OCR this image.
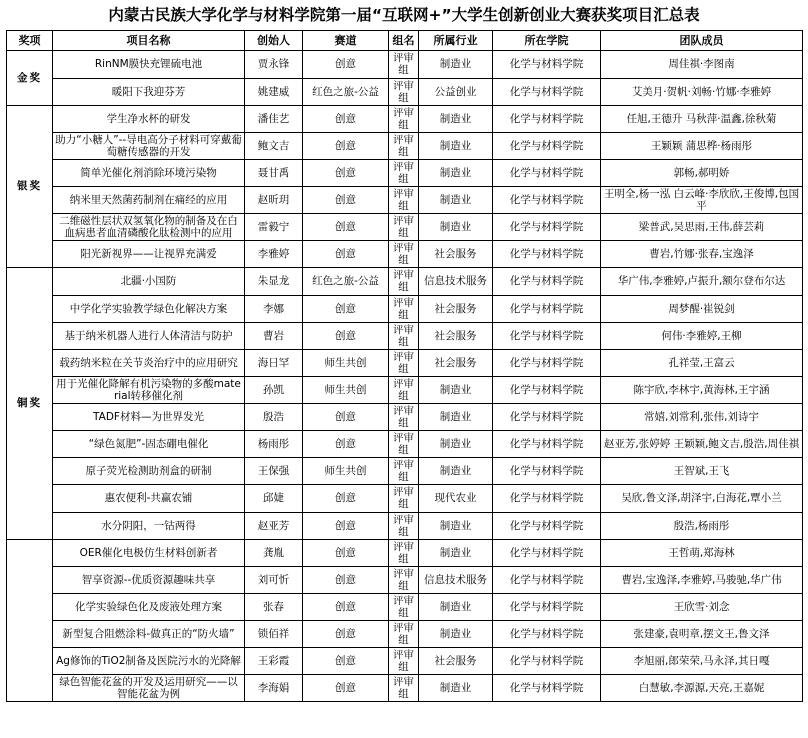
内蒙古民族大学化学与材料学院第一届“互联网+”大学生创新创业大赛获奖项目汇总表
奖项	项目名称	创始人	赛道	组名	所属行业	所在学院	团队成员
金奖	RinNM膜快充锂硫电池	贾永锋	创意	评审组	制造业	化学与材料学院	周佳祺·李图南
	暖阳下我迎芬芳	姚建威	红色之旅-公益	评审组	公益创业	化学与材料学院	艾美月·贺帆·刘畅·竹娜·李雅婷
银奖	学生净水杯的研发	潘佳艺	创意	评审组	制造业	化学与材料学院	任旭,王德升 马秋萍·温鑫,徐秋菊
	助力“小糖人”--导电高分子材料可穿戴葡萄糖传感器的开发	鲍文吉	创意	评审组	制造业	化学与材料学院	王颖颖 蒲思桦·杨雨彤
	简单光催化剂消除环境污染物	聂甘禹	创意	评审组	制造业	化学与材料学院	郭畅,郝明娇
	纳米里天然菌药制剂在痛经的应用	赵昕玥	创意	评审组	制造业	化学与材料学院	王明全,杨一泓 白云峰·李欣欣,王俊博,包国平
	二维磁性层状双氢氧化物的制备及在白血病患者血清磷酸化肽检测中的应用	雷毅宁	创意	评审组	制造业	化学与材料学院	梁普武,吴思雨,王伟,薛芸莉
	阳光新视界——让视界充满爱	李雅婷	创意	评审组	社会服务	化学与材料学院	曹岩,竹娜·张春,宝逸泽
铜奖	北疆·小国防	朱显龙	红色之旅-公益	评审组	信息技术服务	化学与材料学院	华广伟,李雅婷,卢振升,额尔登布尔达
	中学化学实验教学绿色化解决方案	李娜	创意	评审组	社会服务	化学与材料学院	周梦醒·崔锐剑
	基于纳米机器人进行人体清洁与防护	曹岩	创意	评审组	社会服务	化学与材料学院	何伟·李雅婷,王柳
	载药纳米粒在关节炎治疗中的应用研究	海日罕	师生共创	评审组	社会服务	化学与材料学院	孔祥莹,王富云
	用于光催化降解有机污染物的多酸material转移催化剂	孙凯	师生共创	评审组	制造业	化学与材料学院	陈宇欣,李林宇,黄海林,王宇涵
	TADF材料—为世界发光	殷浩	创意	评审组	制造业	化学与材料学院	常嬉,刘常利,张伟,刘诗宇
	“绿色氮肥”-固态硼电催化	杨雨彤	创意	评审组	制造业	化学与材料学院	赵亚芳,张婷婷 王颖颖,鲍文吉,殷浩,周佳祺
	原子荧光检测助剂盒的研制	王保强	师生共创	评审组	制造业	化学与材料学院	王智斌,王飞
	惠农便利-共赢农铺	邱婕	创意	评审组	现代农业	化学与材料学院	吴欣,鲁文泽,胡泽宇,白海花,覃小兰
	水分阴阳，一钴两得	赵亚芳	创意	评审组	制造业	化学与材料学院	殷浩,杨雨彤
	OER催化电极仿生材料创新者	龚胤	创意	评审组	制造业	化学与材料学院	王哲萌,郑海林
	智享资源--优质资源趣味共享	刘可忻	创意	评审组	信息技术服务	化学与材料学院	曹岩,宝逸泽,李雅婷,马骏驰,华广伟
	化学实验绿色化及废液处理方案	张春	创意	评审组	制造业	化学与材料学院	王欣雪·刘念
	新型复合阻燃涂料-做真正的“防火墙”	锁佰祥	创意	评审组	制造业	化学与材料学院	张建豪,袁明章,摆文王,鲁文泽
	Ag修饰的TiO2制备及医院污水的光降解	王彩霞	创意	评审组	社会服务	化学与材料学院	李旭丽,郎荣荣,马永泽,其日嘎
	绿色智能花盆的开发及运用研究——以智能花盆为例	李海娟	创意	评审组	制造业	化学与材料学院	白慧敏,李源源,天亮,王嘉妮
